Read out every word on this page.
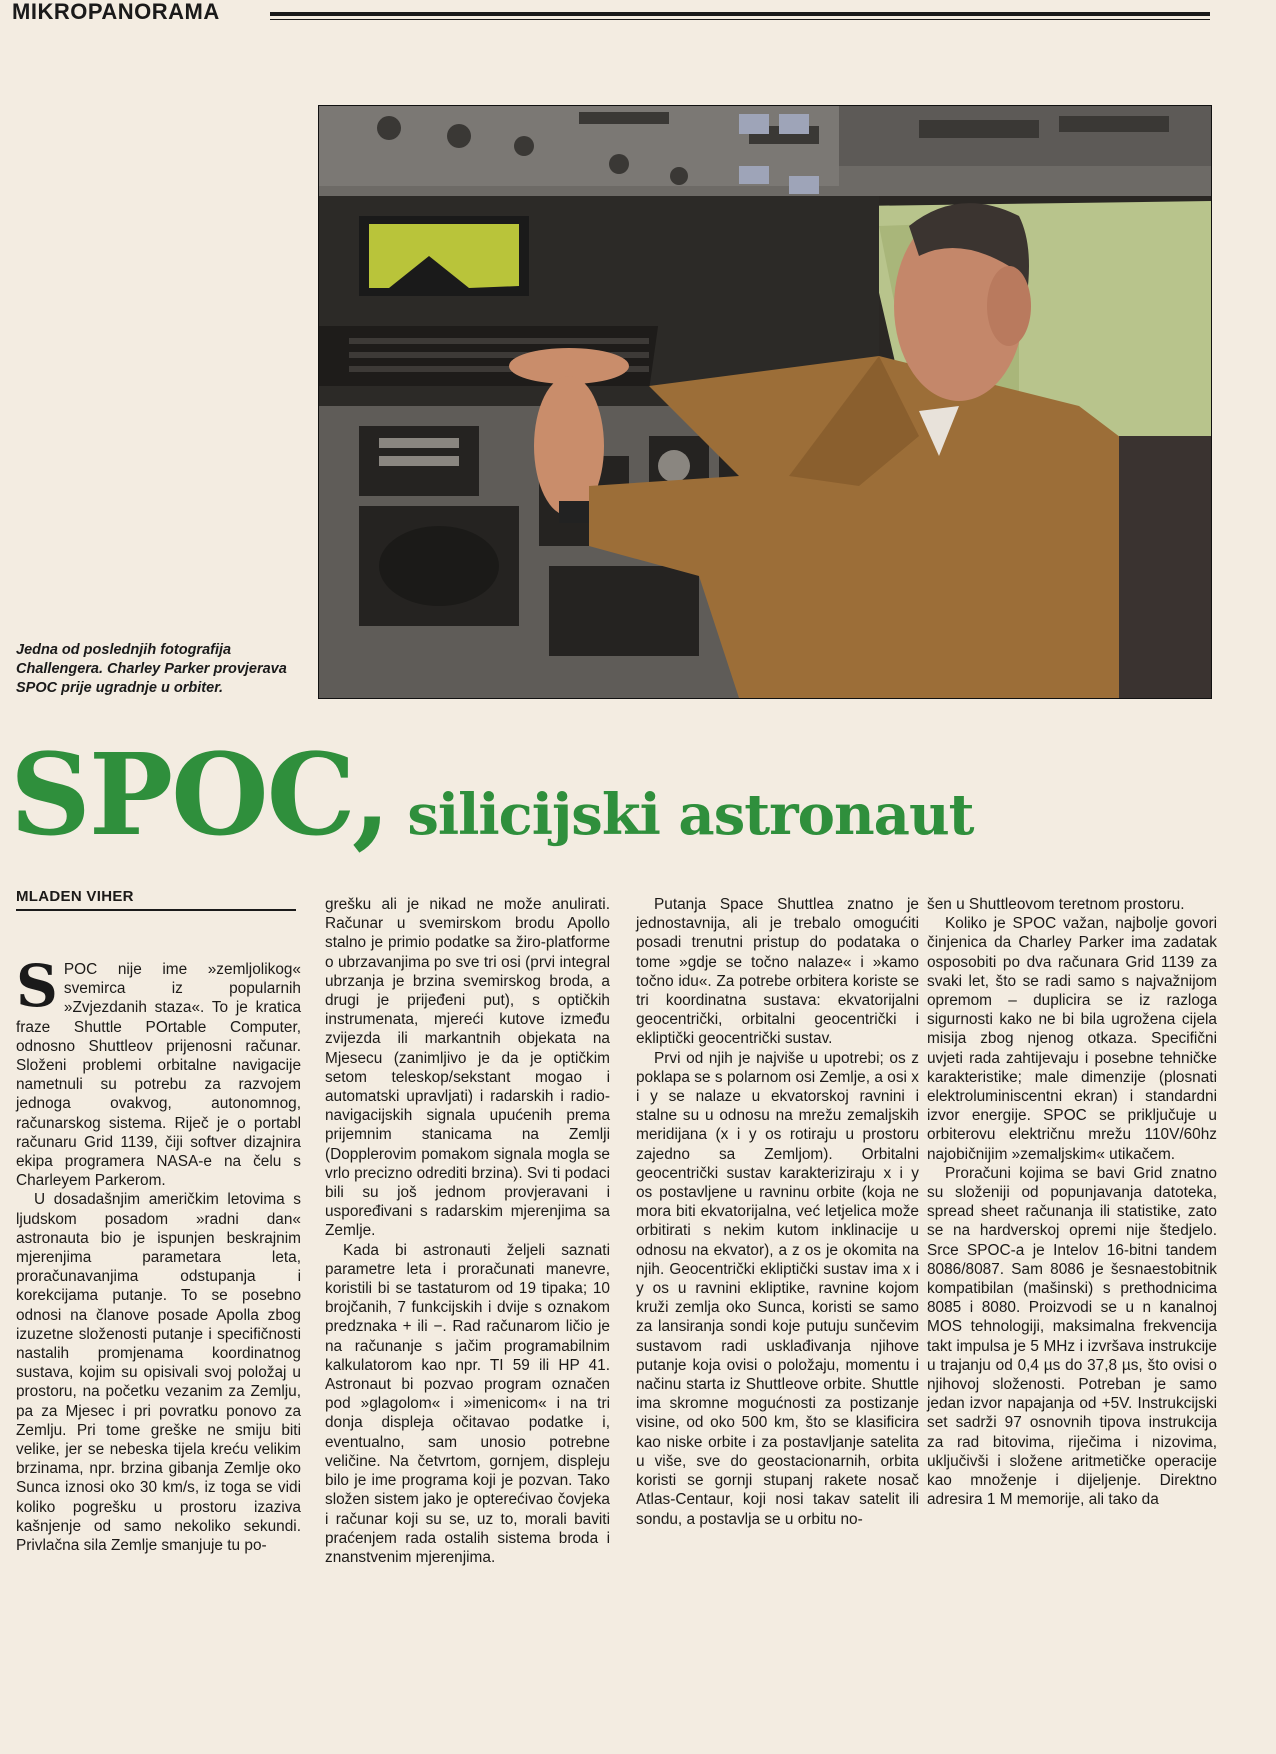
MIKROPANORAMA
Jedna od poslednjih fotografija Challengera. Charley Parker provjerava SPOC prije ugradnje u orbiter.
SPOC, silicijski astronaut
MLADEN VIHER

SPOC nije ime »zemljolikog« svemirca iz popularnih »Zvjezdanih staza«. To je kratica fraze Shuttle POrtable Computer, odnosno Shuttleov prijenosni računar. Složeni problemi orbitalne navigacije nametnuli su potrebu za razvojem jednoga ovakvog, autonomnog, računarskog sistema. Riječ je o portabl računaru Grid 1139, čiji softver dizajnira ekipa programera NASA-e na čelu s Charleyem Parkerom.

U dosadašnjim američkim letovima s ljudskom posadom »radni dan« astronauta bio je ispunjen beskrajnim mjerenjima parametara leta, proračunavanjima odstupanja i korekcijama putanje. To se posebno odnosi na članove posade Apolla zbog izuzetne složenosti putanje i specifičnosti nastalih promjenama koordinatnog sustava, kojim su opisivali svoj položaj u prostoru, na početku vezanim za Zemlju, pa za Mjesec i pri povratku ponovo za Zemlju. Pri tome greške ne smiju biti velike, jer se nebeska tijela kreću velikim brzinama, npr. brzina gibanja Zemlje oko Sunca iznosi oko 30 km/s, iz toga se vidi koliko pogrešku u prostoru izaziva kašnjenje od samo nekoliko sekundi. Privlačna sila Zemlje smanjuje tu po-

grešku ali je nikad ne može anulirati. Računar u svemirskom brodu Apollo stalno je primio podatke sa žiro-platforme o ubrzavanjima po sve tri osi (prvi integral ubrzanja je brzina svemirskog broda, a drugi je prijeđeni put), s optičkih instrumenata, mjereći kutove između zvijezda ili markantnih objekata na Mjesecu (zanimljivo je da je optičkim setom teleskop/sekstant mogao i automatski upravljati) i radarskih i radio-navigacijskih signala upućenih prema prijemnim stanicama na Zemlji (Dopplerovim pomakom signala mogla se vrlo precizno odrediti brzina). Svi ti podaci bili su još jednom provjeravani i uspoređivani s radarskim mjerenjima sa Zemlje.

Kada bi astronauti željeli saznati parametre leta i proračunati manevre, koristili bi se tastaturom od 19 tipaka; 10 brojčanih, 7 funkcijskih i dvije s oznakom predznaka + ili −. Rad računarom ličio je na računanje s jačim programabilnim kalkulatorom kao npr. TI 59 ili HP 41. Astronaut bi pozvao program označen pod »glagolom« i »imenicom« i na tri donja displeja očitavao podatke i, eventualno, sam unosio potrebne veličine. Na četvrtom, gornjem, displeju bilo je ime programa koji je pozvan. Tako složen sistem jako je opterećivao čovjeka i računar koji su se, uz to, morali baviti praćenjem rada ostalih sistema broda i znanstvenim mjerenjima.

Putanja Space Shuttlea znatno je jednostavnija, ali je trebalo omogućiti posadi trenutni pristup do podataka o tome »gdje se točno nalaze« i »kamo točno idu«. Za potrebe orbitera koriste se tri koordinatna sustava: ekvatorijalni geocentrički, orbitalni geocentrički i ekliptički geocentrički sustav.

Prvi od njih je najviše u upotrebi; os z poklapa se s polarnom osi Zemlje, a osi x i y se nalaze u ekvatorskoj ravnini i stalne su u odnosu na mrežu zemaljskih meridijana (x i y os rotiraju u prostoru zajedno sa Zemljom). Orbitalni geocentrički sustav karakteriziraju x i y os postavljene u ravninu orbite (koja ne mora biti ekvatorijalna, već letjelica može orbitirati s nekim kutom inklinacije u odnosu na ekvator), a z os je okomita na njih. Geocentrički ekliptički sustav ima x i y os u ravnini ekliptike, ravnine kojom kruži zemlja oko Sunca, koristi se samo za lansiranja sondi koje putuju sunčevim sustavom radi usklađivanja njihove putanje koja ovisi o položaju, momentu i načinu starta iz Shuttleove orbite. Shuttle ima skromne mogućnosti za postizanje visine, od oko 500 km, što se klasificira kao niske orbite i za postavljanje satelita u više, sve do geostacionarnih, orbita koristi se gornji stupanj rakete nosač Atlas-Centaur, koji nosi takav satelit ili sondu, a postavlja se u orbitu no-

šen u Shuttleovom teretnom prostoru.

Koliko je SPOC važan, najbolje govori činjenica da Charley Parker ima zadatak osposobiti po dva računara Grid 1139 za svaki let, što se radi samo s najvažnijom opremom – duplicira se iz razloga sigurnosti kako ne bi bila ugrožena cijela misija zbog njenog otkaza. Specifični uvjeti rada zahtijevaju i posebne tehničke karakteristike; male dimenzije (plosnati elektroluminiscentni ekran) i standardni izvor energije. SPOC se priključuje u orbiterovu električnu mrežu 110V/60hz najobičnijim »zemaljskim« utikačem.

Proračuni kojima se bavi Grid znatno su složeniji od popunjavanja datoteka, spread sheet računanja ili statistike, zato se na hardverskoj opremi nije štedjelo. Srce SPOC-a je Intelov 16-bitni tandem 8086/8087. Sam 8086 je šesnaestobitnik kompatibilan (mašinski) s prethodnicima 8085 i 8080. Proizvodi se u n kanalnoj MOS tehnologiji, maksimalna frekvencija takt impulsa je 5 MHz i izvršava instrukcije u trajanju od 0,4 µs do 37,8 µs, što ovisi o njihovoj složenosti. Potreban je samo jedan izvor napajanja od +5V. Instrukcijski set sadrži 97 osnovnih tipova instrukcija za rad bitovima, riječima i nizovima, uključivši i složene aritmetičke operacije kao množenje i dijeljenje. Direktno adresira 1 M memorije, ali tako da
